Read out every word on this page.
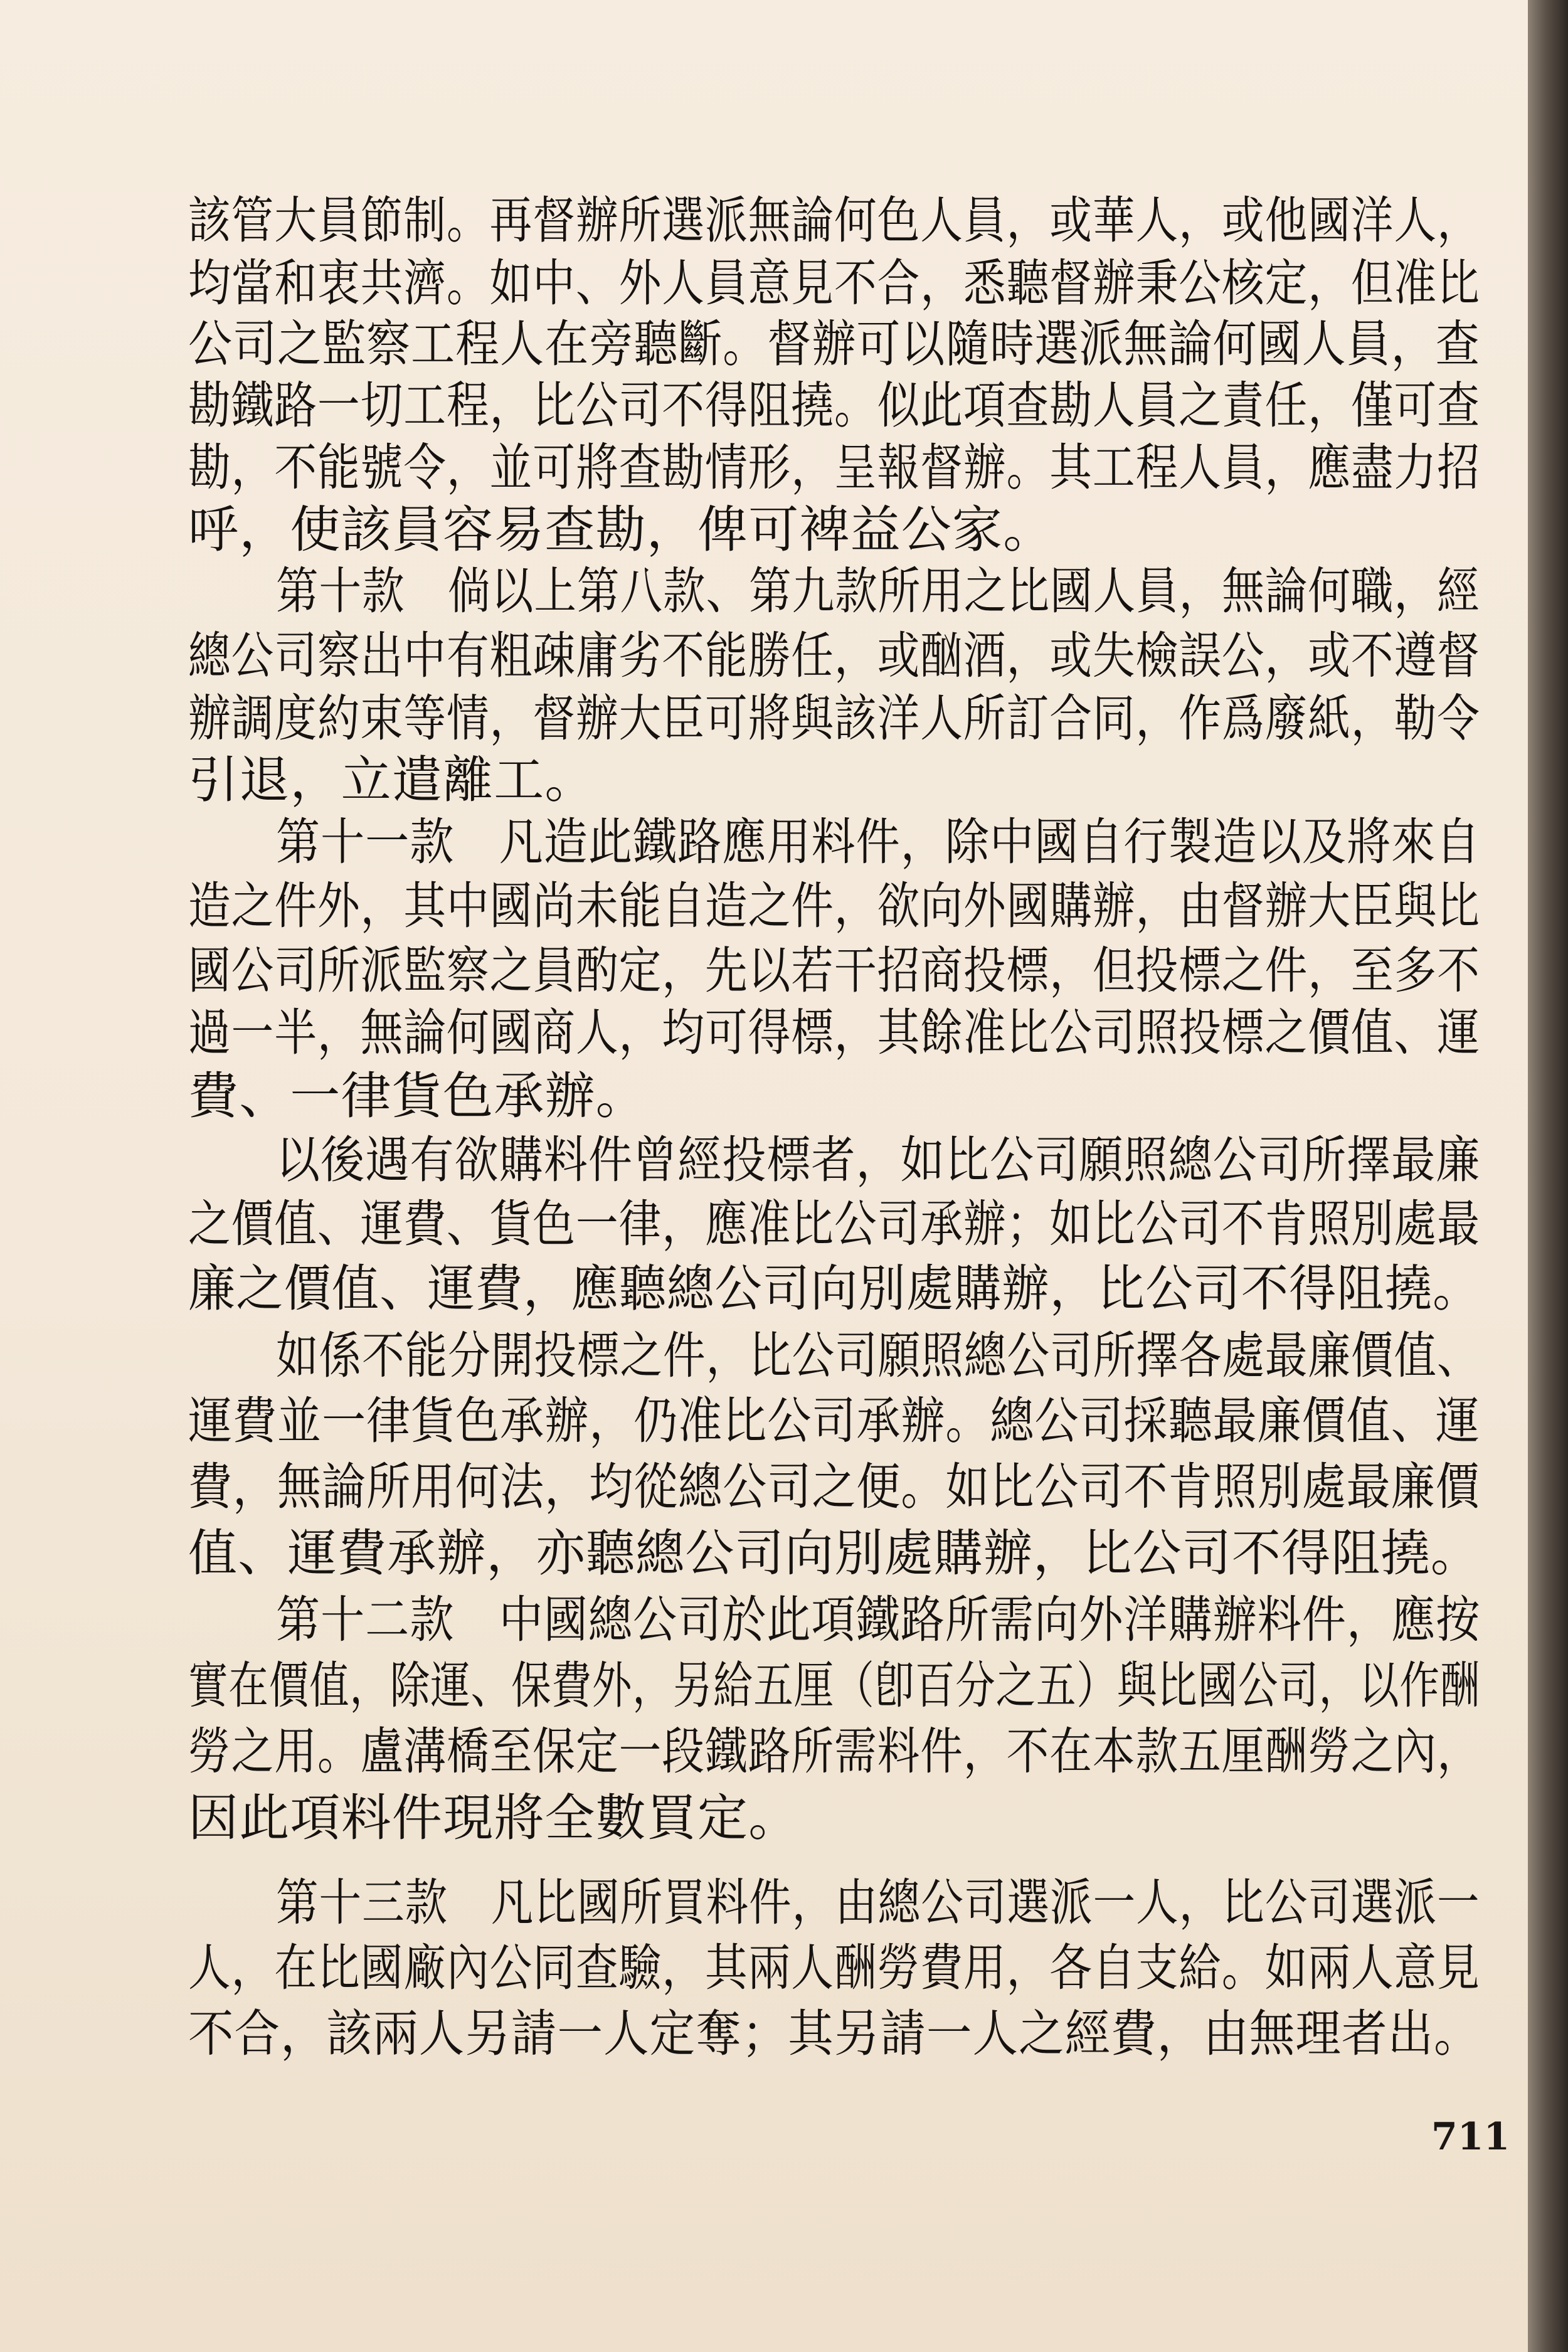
該管大員節制。再督辦所選派無論何色人員，或華人，或他國洋人，
均當和衷共濟。如中、外人員意見不合，悉聽督辦秉公核定，但准比
公司之監察工程人在旁聽斷。督辦可以隨時選派無論何國人員，查
勘鐵路一切工程，比公司不得阻撓。似此項查勘人員之責任，僅可查
勘，不能號令，並可將查勘情形，呈報督辦。其工程人員，應盡力招
呼，使該員容易查勘，俾可裨益公家。
第十款　倘以上第八款、第九款所用之比國人員，無論何職，經
總公司察出中有粗疎庸劣不能勝任，或酗酒，或失檢誤公，或不遵督
辦調度約束等情，督辦大臣可將與該洋人所訂合同，作爲廢紙，勒令
引退，立遣離工。
第十一款　凡造此鐵路應用料件，除中國自行製造以及將來自
造之件外，其中國尚未能自造之件，欲向外國購辦，由督辦大臣與比
國公司所派監察之員酌定，先以若干招商投標，但投標之件，至多不
過一半，無論何國商人，均可得標，其餘准比公司照投標之價值、運
費、一律貨色承辦。
以後遇有欲購料件曾經投標者，如比公司願照總公司所擇最廉
之價值、運費、貨色一律，應准比公司承辦；如比公司不肯照別處最
廉之價值、運費，應聽總公司向別處購辦，比公司不得阻撓。
如係不能分開投標之件，比公司願照總公司所擇各處最廉價值、
運費並一律貨色承辦，仍准比公司承辦。總公司採聽最廉價值、運
費，無論所用何法，均從總公司之便。如比公司不肯照別處最廉價
值、運費承辦，亦聽總公司向別處購辦，比公司不得阻撓。
第十二款　中國總公司於此項鐵路所需向外洋購辦料件，應按
實在價值，除運、保費外，另給五厘（卽百分之五）與比國公司，以作酬
勞之用。盧溝橋至保定一段鐵路所需料件，不在本款五厘酬勞之內，
因此項料件現將全數買定。
第十三款　凡比國所買料件，由總公司選派一人，比公司選派一
人，在比國廠內公同查驗，其兩人酬勞費用，各自支給。如兩人意見
不合，該兩人另請一人定奪；其另請一人之經費，由無理者出。
711
